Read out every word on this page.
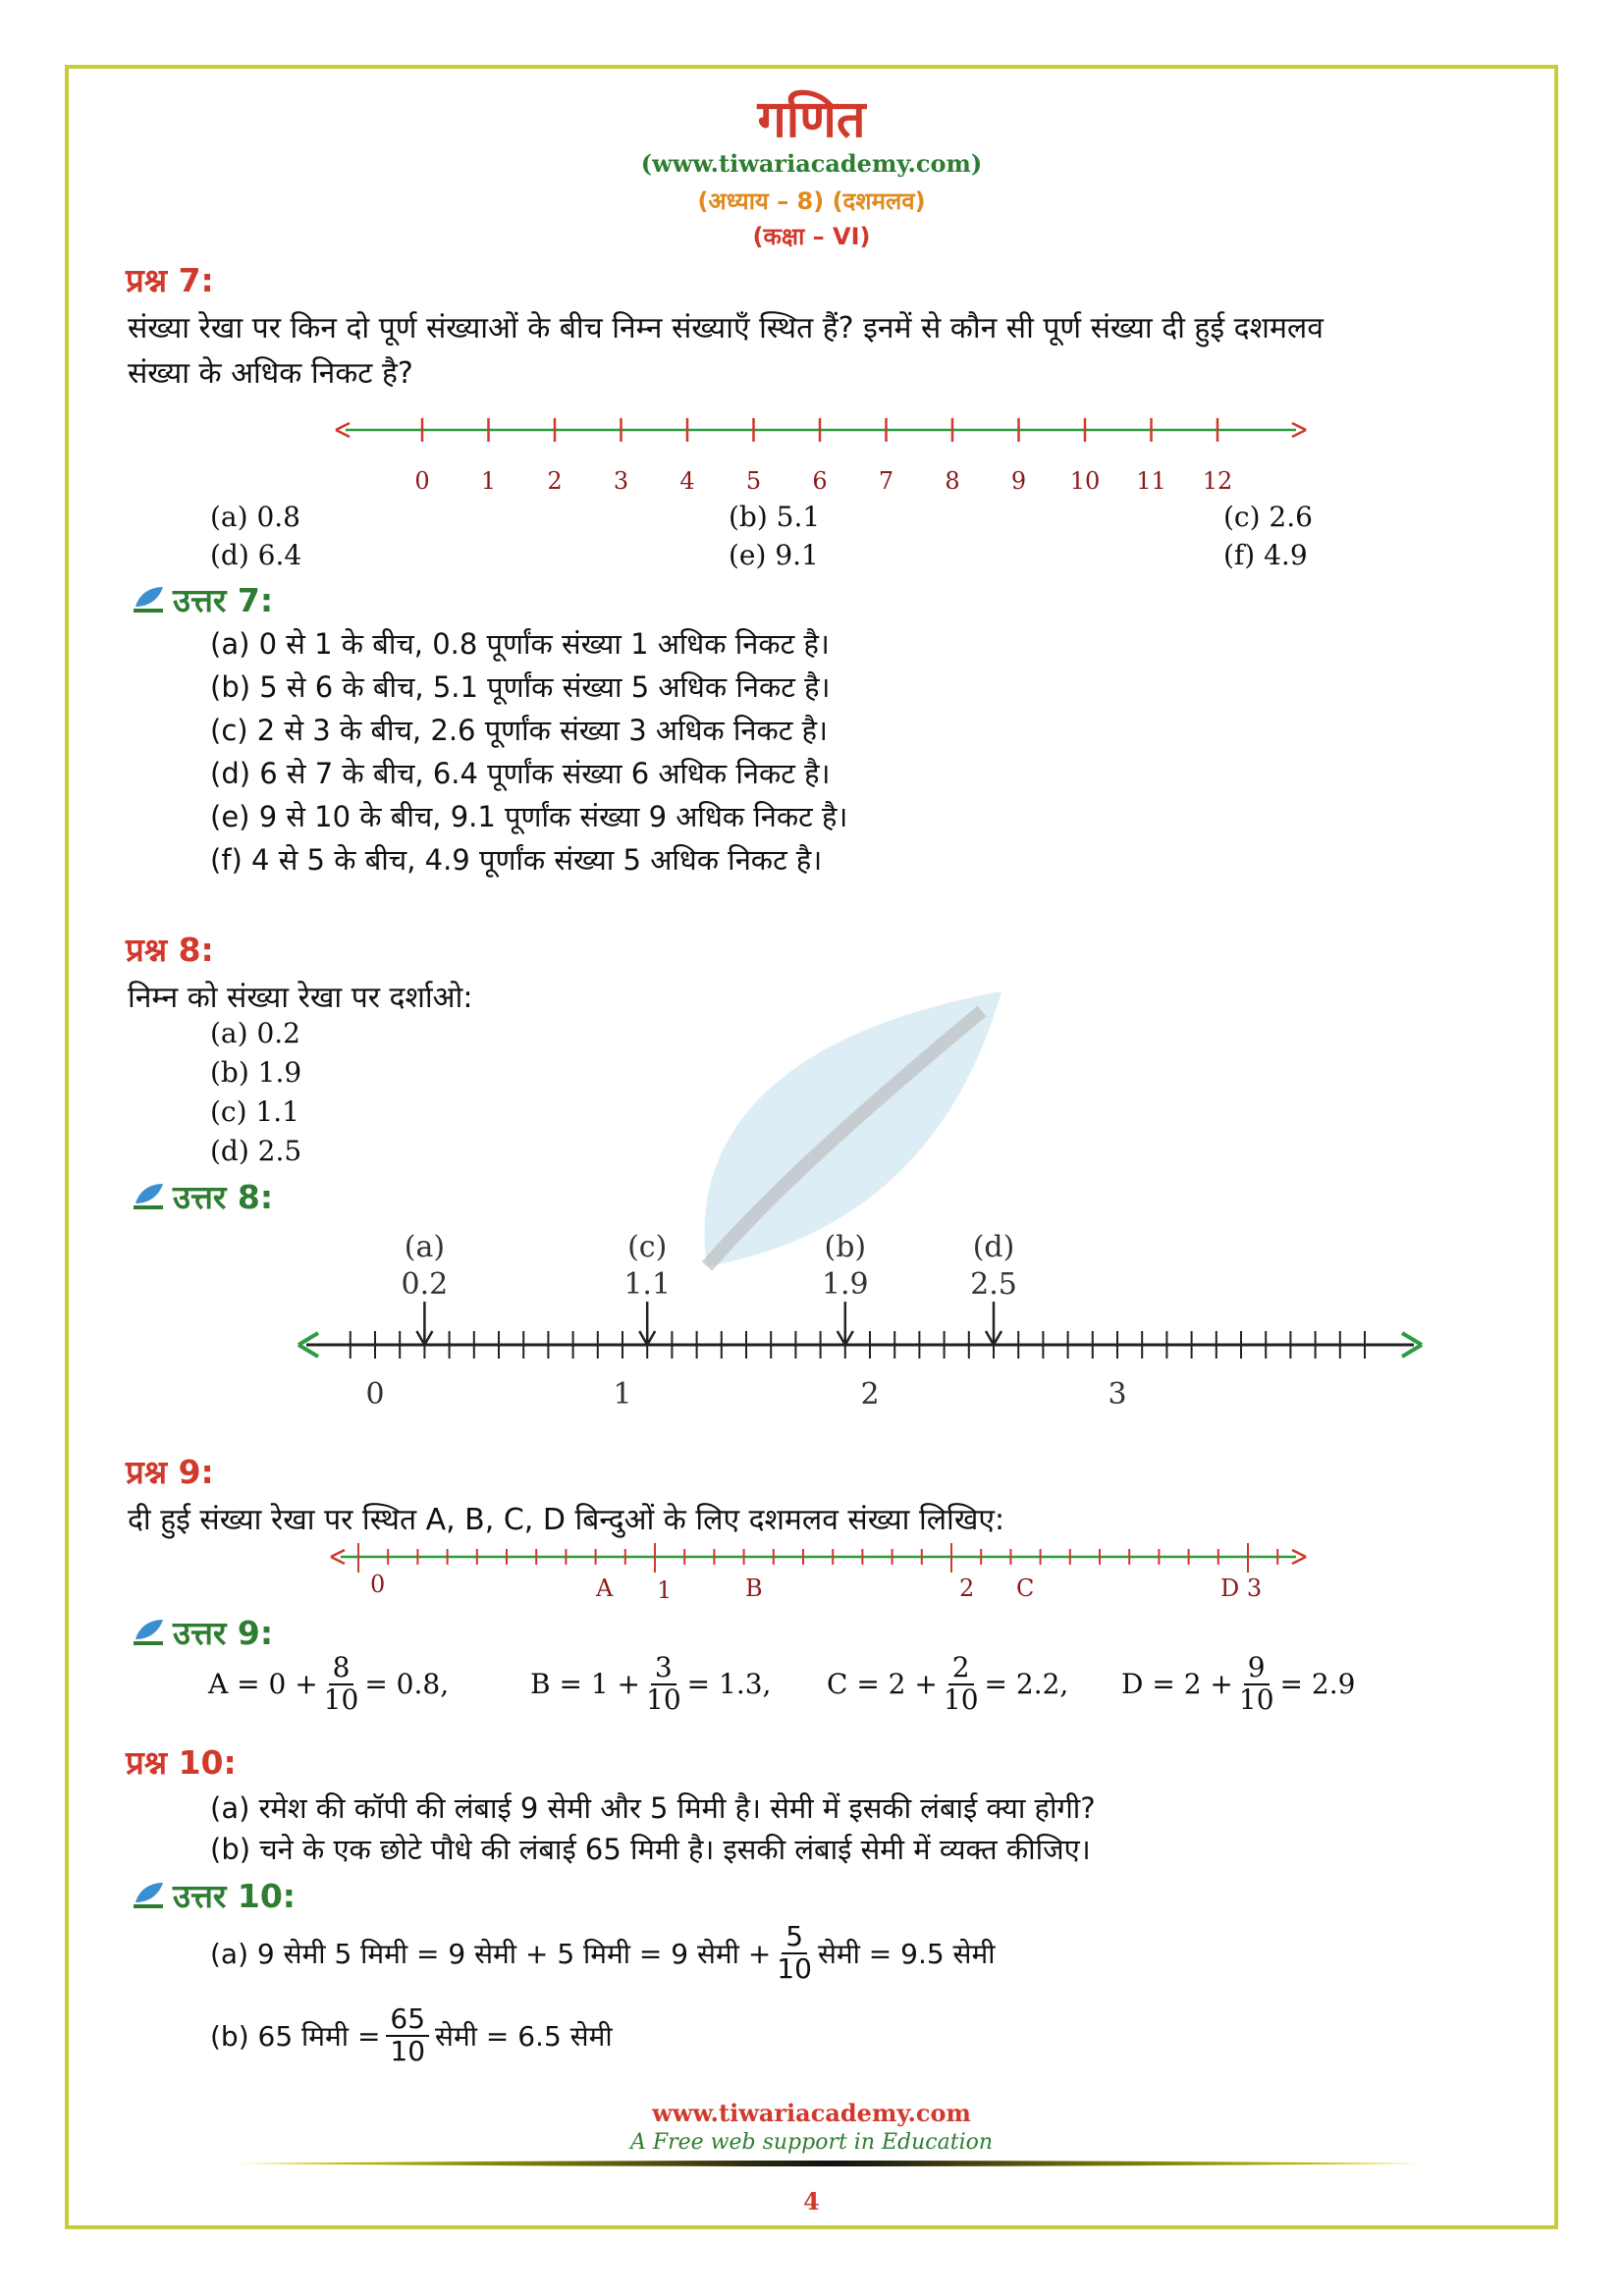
गणित
(www.tiwariacademy.com)
(अध्याय – 8) (दशमलव)
(कक्षा – VI)
प्रश्न 7:
संख्या रेखा पर किन दो पूर्ण संख्याओं के बीच निम्न संख्याएँ स्थित हैं? इनमें से कौन सी पूर्ण संख्या दी हुई दशमलव
संख्या के अधिक निकट है?
0 1 2 3 4 5 6 7 8 9 10 11 12
(a) 0.8	(b) 5.1	(c) 2.6
(d) 6.4	(e) 9.1	(f) 4.9
उत्तर 7:
(a) 0 से 1 के बीच, 0.8 पूर्णांक संख्या 1 अधिक निकट है।
(b) 5 से 6 के बीच, 5.1 पूर्णांक संख्या 5 अधिक निकट है।
(c) 2 से 3 के बीच, 2.6 पूर्णांक संख्या 3 अधिक निकट है।
(d) 6 से 7 के बीच, 6.4 पूर्णांक संख्या 6 अधिक निकट है।
(e) 9 से 10 के बीच, 9.1 पूर्णांक संख्या 9 अधिक निकट है।
(f) 4 से 5 के बीच, 4.9 पूर्णांक संख्या 5 अधिक निकट है।
प्रश्न 8:
निम्न को संख्या रेखा पर दर्शाओ:
(a) 0.2
(b) 1.9
(c) 1.1
(d) 2.5
उत्तर 8:
(a)
0.2
(c)
1.1
(b)
1.9
(d)
2.5
0	1	2	3
प्रश्न 9:
दी हुई संख्या रेखा पर स्थित A, B, C, D बिन्दुओं के लिए दशमलव संख्या लिखिए:
0	A 1	B	2 C	D 3
उत्तर 9:
$A = 0 + \frac{8}{10} = 0.8$,	$B = 1 + \frac{3}{10} = 1.3$, $C = 2 + \frac{2}{10} = 2.2$, $D = 2 + \frac{9}{10} = 2.9$
प्रश्न 10:
(a) रमेश की कॉपी की लंबाई 9 सेमी और 5 मिमी है। सेमी में इसकी लंबाई क्या होगी?
(b) चने के एक छोटे पौधे की लंबाई 65 मिमी है। इसकी लंबाई सेमी में व्यक्त कीजिए।
उत्तर 10:
(a) 9 सेमी 5 मिमी = 9 सेमी + 5 मिमी = 9 सेमी + $\frac{5}{10}$ सेमी = 9.5 सेमी
(b) 65 मिमी = $\frac{65}{10}$ सेमी = 6.5 सेमी
www.tiwariacademy.com
A Free web support in Education
4
